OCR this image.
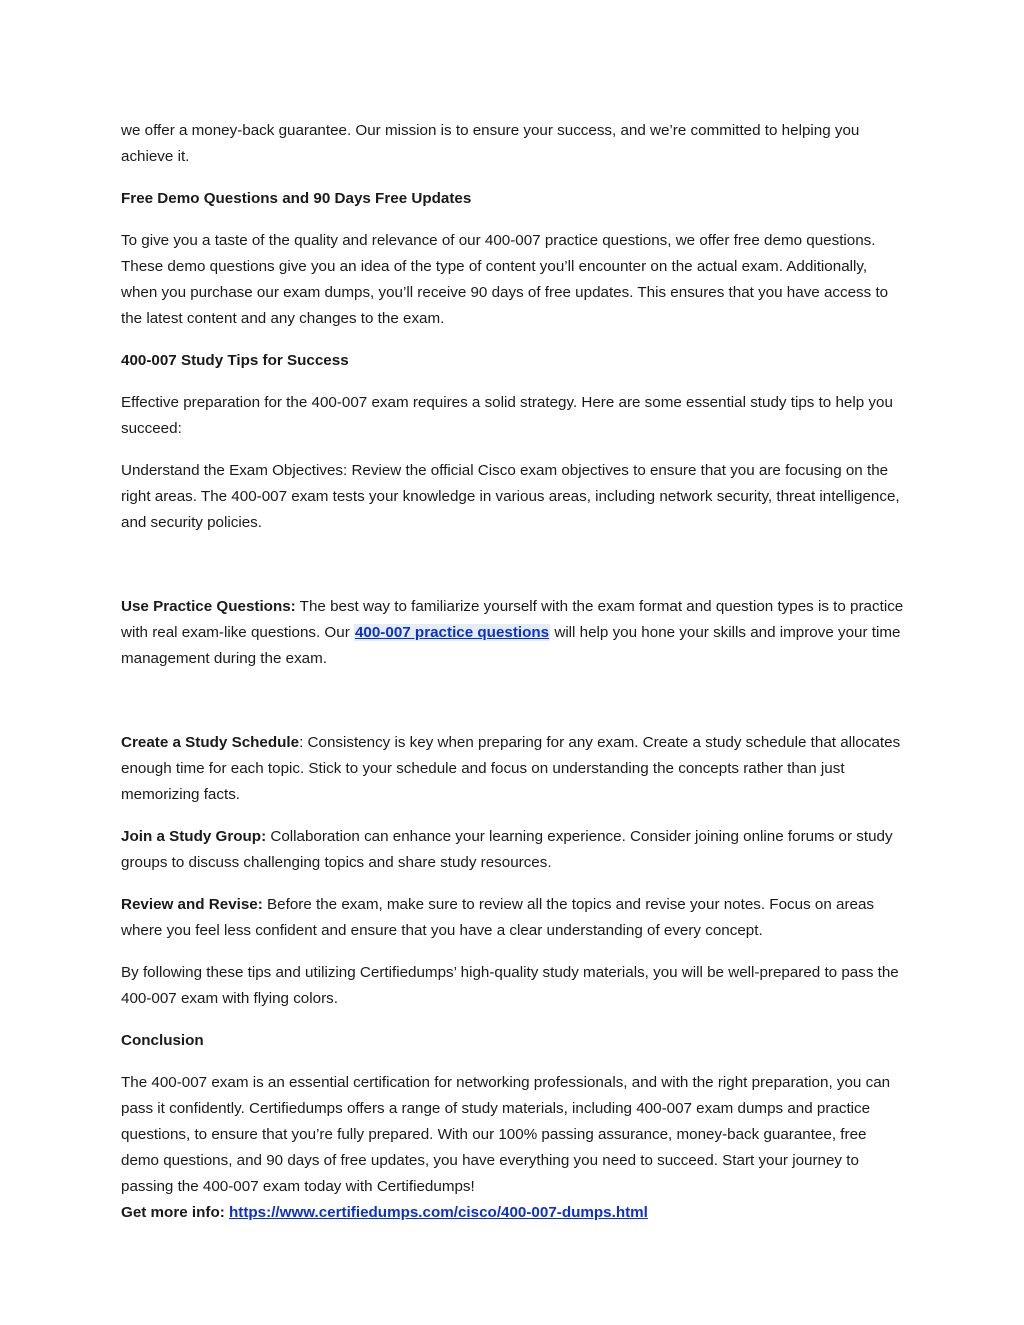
we offer a money-back guarantee. Our mission is to ensure your success, and we’re committed to helping you achieve it.

Free Demo Questions and 90 Days Free Updates

To give you a taste of the quality and relevance of our 400-007 practice questions, we offer free demo questions. These demo questions give you an idea of the type of content you’ll encounter on the actual exam. Additionally, when you purchase our exam dumps, you’ll receive 90 days of free updates. This ensures that you have access to the latest content and any changes to the exam.

400-007 Study Tips for Success

Effective preparation for the 400-007 exam requires a solid strategy. Here are some essential study tips to help you succeed:

Understand the Exam Objectives: Review the official Cisco exam objectives to ensure that you are focusing on the right areas. The 400-007 exam tests your knowledge in various areas, including network security, threat intelligence, and security policies.

Use Practice Questions: The best way to familiarize yourself with the exam format and question types is to practice with real exam-like questions. Our 400-007 practice questions will help you hone your skills and improve your time management during the exam.

Create a Study Schedule: Consistency is key when preparing for any exam. Create a study schedule that allocates enough time for each topic. Stick to your schedule and focus on understanding the concepts rather than just memorizing facts.

Join a Study Group: Collaboration can enhance your learning experience. Consider joining online forums or study groups to discuss challenging topics and share study resources.

Review and Revise: Before the exam, make sure to review all the topics and revise your notes. Focus on areas where you feel less confident and ensure that you have a clear understanding of every concept.

By following these tips and utilizing Certifiedumps’ high-quality study materials, you will be well-prepared to pass the 400-007 exam with flying colors.

Conclusion

The 400-007 exam is an essential certification for networking professionals, and with the right preparation, you can pass it confidently. Certifiedumps offers a range of study materials, including 400-007 exam dumps and practice questions, to ensure that you’re fully prepared. With our 100% passing assurance, money-back guarantee, free demo questions, and 90 days of free updates, you have everything you need to succeed. Start your journey to passing the 400-007 exam today with Certifiedumps!

Get more info: https://www.certifiedumps.com/cisco/400-007-dumps.html
